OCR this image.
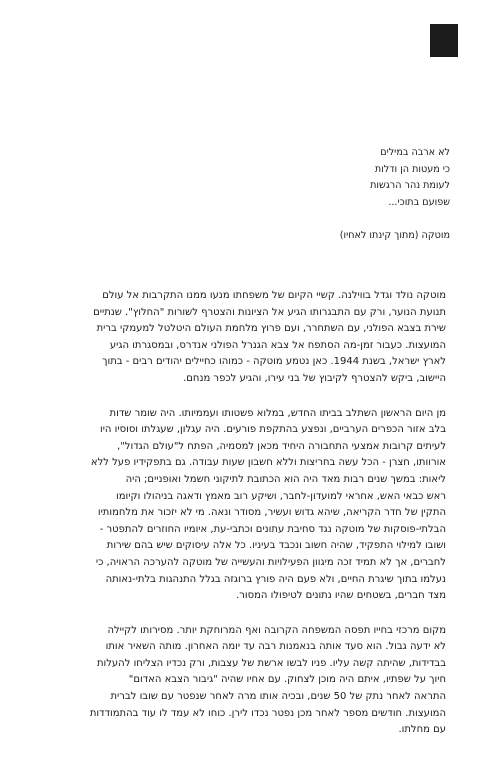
לא ארבה במילים
כי מעטות הן ודלות
לעומת נהר הרגשות
שפועם בתוכי...
מוטקה (מתוך קינתו לאחיו)

מוטקה נולד וגדל בווילנה. קשיי הקיום של משפחתו מנעו ממנו התקרבות אל עולם
תנועת הנוער, ורק עם התבגרותו הגיע אל הציונות והצטרף לשורות "החלוץ". שנתיים
שירת בצבא הפולני, עם השתחרר, ועם פרוץ מלחמת העולם היטלטל למעמקי ברית
המועצות. כעבור זמן-מה הסתפח אל צבא הגנרל הפולני אנדרס, ובמסגרתו הגיע
לארץ ישראל, בשנת 1944. כאן נטמע מוטקה - כמוהו כחיילים יהודים רבים - בתוך
היישוב, ביקש להצטרף לקיבוץ של בני עירו, והגיע לכפר מנחם.

מן היום הראשון השתלב בביתו החדש, במלוא פשטותו ועממיותו. היה שומר שדות
בלב אזור הכפרים הערביים, ונפצע בהתקפת פורעים. היה עגלון, שעגלתו וסוסיו היו
לעיתים קרובות אמצעי התחבורה היחיד מכאן למסמיה, הפתח ל"עולם הגדול",
אורוותו, חצרן - הכל עשה בחריצות וללא חשבון שעות עבודה. גם בתפקידיו פעל ללא
ליאות: במשך שנים רבות מאד היה הוא הכתובת לתיקוני חשמל ואופניים; היה
ראש כבאי האש, אחראי למועדון-לחבר, ושיקע רוב מאמץ ודאגה בניהולו וקיומו
התקין של חדר הקריאה, שיהא גדוש ועשיר, מסודר ונאה. מי לא יזכור את מלחמותיו
הבלתי-פוסקות של מוטקה נגד סחיבת עתונים וכתבי-עת, איומיו החוזרים להתפטר -
ושובו למילוי התפקיד, שהיה חשוב ונכבד בעיניו. כל אלה עיסוקים שיש בהם שירות
לחברים, אך לא תמיד זכה מיגוון הפעילויות והעשייה של מוטקה להערכה הראויה, כי
נעלמו בתוך שיגרת החיים, ולא פעם היה פורץ ברוגזה בגלל התנהגות בלתי-נאותה
מצד חברים, בשטחים שהיו נתונים לטיפולו המסור.

מקום מרכזי בחייו תפסה המשפחה הקרובה ואף המרוחקת יותר. מסירותו לקיילה
לא ידעה גבול. הוא סעד אותה בנאמנות רבה עד יומה האחרון. מותה השאיר אותו
בבדידות, שהיתה קשה עליו. פניו לבשו ארשת של עצבות, ורק נכדיו הצליחו להעלות
חיוך על שפתיו, איתם היה מוכן לצחוק. עם אחיו שהיה "גיבור הצבא האדום"
התראה לאחר נתק של 50 שנים, ובכיה אותו מרה לאחר שנפטר עם שובו לברית
המועצות. חודשים מספר לאחר מכן נפטר נכדו לירן. כוחו לא עמד לו עוד בהתמודדות
עם מחלתו.
